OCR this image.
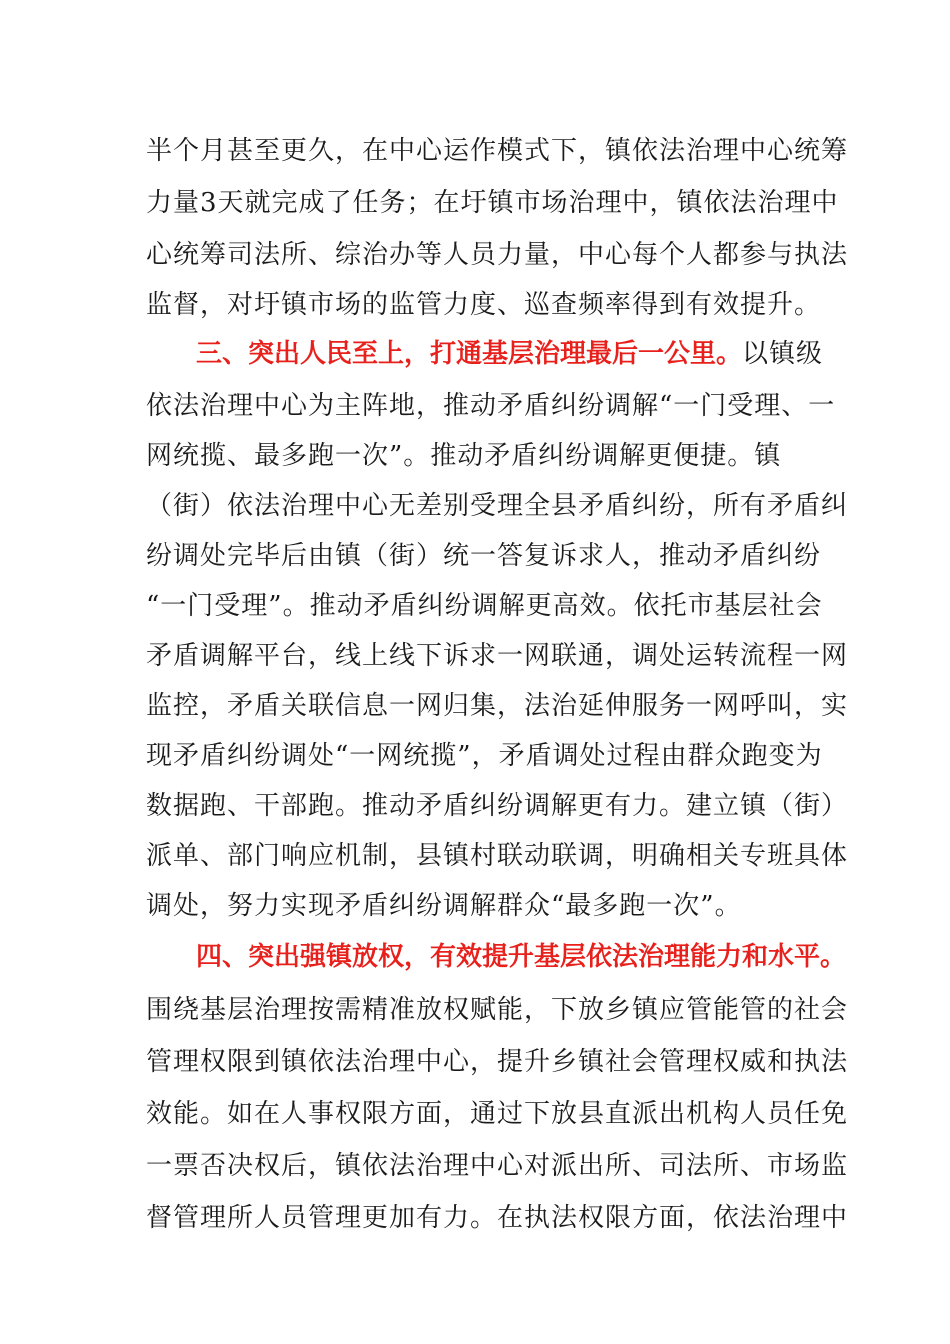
半个月甚至更久，在中心运作模式下，镇依法治理中心统筹
力量3天就完成了任务；在圩镇市场治理中，镇依法治理中
心统筹司法所、综治办等人员力量，中心每个人都参与执法
监督，对圩镇市场的监管力度、巡查频率得到有效提升。
三、突出人民至上，打通基层治理最后一公里。以镇级
依法治理中心为主阵地，推动矛盾纠纷调解“一门受理、一
网统揽、最多跑一次”。推动矛盾纠纷调解更便捷。镇
（街）依法治理中心无差别受理全县矛盾纠纷，所有矛盾纠
纷调处完毕后由镇（街）统一答复诉求人，推动矛盾纠纷
“一门受理”。推动矛盾纠纷调解更高效。依托市基层社会
矛盾调解平台，线上线下诉求一网联通，调处运转流程一网
监控，矛盾关联信息一网归集，法治延伸服务一网呼叫，实
现矛盾纠纷调处“一网统揽”，矛盾调处过程由群众跑变为
数据跑、干部跑。推动矛盾纠纷调解更有力。建立镇（街）
派单、部门响应机制，县镇村联动联调，明确相关专班具体
调处，努力实现矛盾纠纷调解群众“最多跑一次”。
四、突出强镇放权，有效提升基层依法治理能力和水平。
围绕基层治理按需精准放权赋能，下放乡镇应管能管的社会
管理权限到镇依法治理中心，提升乡镇社会管理权威和执法
效能。如在人事权限方面，通过下放县直派出机构人员任免
一票否决权后，镇依法治理中心对派出所、司法所、市场监
督管理所人员管理更加有力。在执法权限方面，依法治理中
